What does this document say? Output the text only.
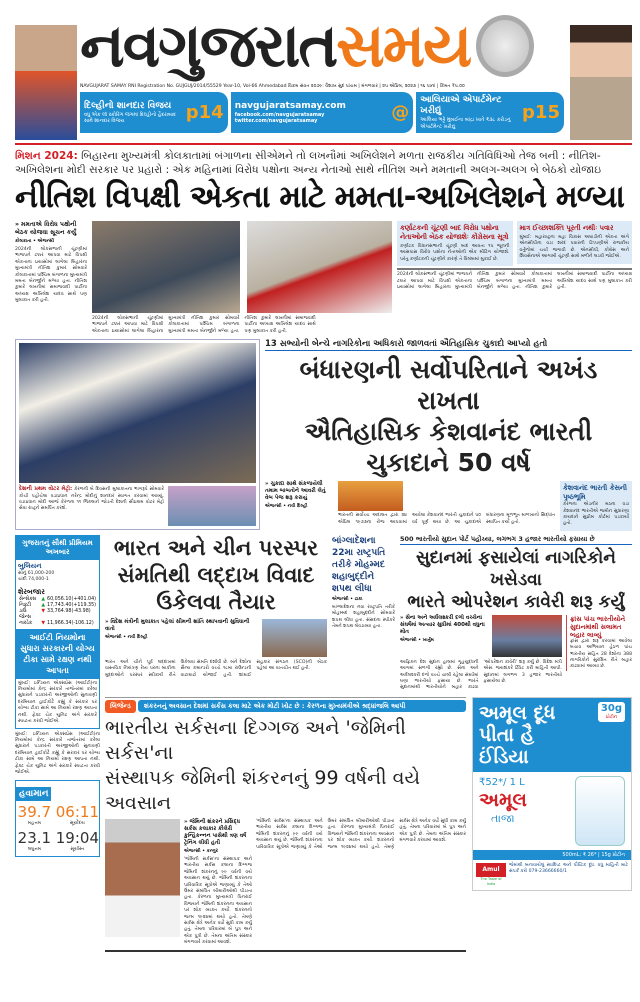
નવગુજરાતસમય
NAVGUJARAT SAMAY RNI Registration No. GUJGUJ/2014/55529 Year-10, Vol-66 Ahmedabad વિક્રમ સંવત ૨૦૭૯: વૈશાખ સુદ પાંચમ | મંગળવાર | ૨૫ એપ્રિલ, ૨૦૨૩ | ૧૬ પાનાં | કિંમત ₹૫.૦૦
દિલ્હીનો શાનદાર વિજય
વધુ એક લૉ સ્કોરિંગ જંગમાં દિલ્હીનો હૈદરાબાદ સામે શાનદાર વિજય	p14 navgujaratsamay.com
facebook.com/navgujaratsamay twitter.com/navgujaratsamay	@
આલિયાએ એપાર્ટમેન્ટ ખરીદ્યું
આલિયા ભટ્ટે મુંબઈના બાંદ્રા ખાતે ₹૩૮ કરોડનું એપાર્ટમેન્ટ ખરીદ્યું
p15
મિશન 2024: બિહારના મુખ્યમંત્રી કોલકાતામાં બંગાળના સીએમને તો લખનૌમાં અખિલેશને મળતા રાજકીય ગતિવિધિઓ તેજ બની : નીતિશ-અખિલેશના મોદી સરકાર પર પ્રહારો : એક મહિનામાં વિરોધ પક્ષોના અન્ય નેતાઓ સાથે નીતિશ અને મમતાની અલગ-અલગ બે બેઠકો યોજાઇ
નીતિશ વિપક્ષી એકતા માટે મમતા-અખિલેશને મળ્યા
» મમતાએ વિરોધ પક્ષોની બેઠક યોજવા સૂચન કર્યું
કોલકાતા • એજન્સી
2024ની લોકસભાની ચૂંટણીમાં ભાજપને ટક્કર આપવા માટે વિપક્ષી એકતાના પ્રયાસોમાં લાગેલા બિહારના મુખ્યમંત્રી નીતિશ કુમાર સોમવારે કોલકાતામાં પશ્ચિમ બંગાળના મુખ્યમંત્રી મમતા બેનર્જીને મળ્યા હતા. નીતિશ કુમારે લખનૌમાં સમાજવાદી પાર્ટીના અધ્યક્ષ અખિલેશ યાદવ સાથે પણ મુલાકાત કરી હતી.
2024ની લોકસભાની ચૂંટણીમાં ભાજપને ટક્કર આપવા માટે વિપક્ષી એકતાના પ્રયાસોમાં લાગેલા બિહારના મુખ્યમંત્રી નીતિશ કુમાર સોમવારે કોલકાતામાં પશ્ચિમ બંગાળના મુખ્યમંત્રી મમતા બેનર્જીને મળ્યા હતા. નીતિશ કુમારે લખનૌમાં સમાજવાદી પાર્ટીના અધ્યક્ષ અખિલેશ યાદવ સાથે પણ મુલાકાત કરી હતી.
કર્ણાટકની ચૂંટણી બાદ વિરોધ પક્ષોના નેતાઓની બેઠક યોજાશેઃ કોંગ્રેસના સૂત્રો
કર્ણાટક વિધાનસભાની ચૂંટણી બાદ આવતા ૧૫ જૂનની આસપાસ વિરોધ પક્ષોના નેતાઓની એક મીટિંગ યોજાશે. પરંતુ કર્ણાટકની ચૂંટણીને કારણે તે વિલંબમાં મુકાઈ છે.
માત્ર ઈચ્છાશક્તિ પૂરતી નથીઃ પવાર
મુંબઈ: મહારાષ્ટ્રના મહા વિકાસ અઘાડીની એકતા અંગે એનસીપીના વડા શરદ પવારની ટિપ્પણીએ રાજકીય વર્તુળોમાં ચર્ચા જગાવી છે. એનસીપી, કોંગ્રેસ અને શિવસેનાએ આગામી ચૂંટણી સાથે મળીને લડવી જોઈએ.
2024ની લોકસભાની ચૂંટણીમાં ભાજપને ટક્કર આપવા માટે વિપક્ષી એકતાના પ્રયાસોમાં લાગેલા બિહારના મુખ્યમંત્રી નીતિશ કુમાર સોમવારે કોલકાતામાં પશ્ચિમ બંગાળના મુખ્યમંત્રી મમતા બેનર્જીને મળ્યા હતા. નીતિશ કુમારે લખનૌમાં સમાજવાદી પાર્ટીના અધ્યક્ષ અખિલેશ યાદવ સાથે પણ મુલાકાત કરી હતી.
દેશની પ્રથમ વોટર મેટ્રો: કેરળની બે દિવસની મુલાકાતના ભાગરૂપે સોમવારે કોચી પહોંચેલા વડાપ્રધાન નરેન્દ્ર મોદીનું શાનદાર સ્વાગત કરવામાં આવ્યું. વડાપ્રધાન મોદી આજે કેરળના ૧૧ જિલ્લાને જોડતી દેશની સૌપ્રથમ વોટર મેટ્રો સેવા રાષ્ટ્રને સમર્પિત કરશે.
13 સભ્યોની બેન્ચે નાગરિકોના અધિકારો જાળવતાં ઐતિહાસિક ચુકાદો આપ્યો હતો
બંધારણની સર્વોપરિતાને અખંડ રાખતા
ઐતિહાસિક કેશવાનંદ ભારતી ચુકાદાને 50 વર્ષ
» ચુકાદા સાથે સંકળાયેલી તમામ બાબતોને આવરી લેતું વેબ પેજ શરૂ કરાયું
એજન્સી • નવી દિલ્હી
ભારતની સર્વોચ્ચ અદાલત દ્વારા ૨૪ એપ્રિલ ૧૯૭૩ના રોજ આપવામાં આવેલા કેશવાનંદ ભારતી ચુકાદાને ૫૦ વર્ષ પૂર્ણ થયા છે. આ ચુકાદાએ બંધારણના મૂળભૂત માળખાનો સિદ્ધાંત સ્થાપિત કર્યો હતો.
કેશવાનંદ ભારતી કેસની પૃષ્ઠભૂમિ
કેરળના એડનીર મઠના વડા કેશવાનંદ ભારતીએ જમીન સુધારણા કાયદાને સુપ્રીમ કોર્ટમાં પડકાર્યો હતો.
ગુજરાતનું સૌથી પ્રીમિયમ અખબાર
બુલિયન
સોનું 61,000-200
ચાંદી 74,000-1
શેરબજાર
સેન્સેક્સ	▲	60,056.10(+401.04)
નિફ્ટી	▲	17,743.40(+119.35)
ડાઉ જોન્સ	▼	33,764.98(-43.98)
નાસ્ડેક	▼	11,966.34(-106.12)
આઈટી નિયમોના સુધારા સરકારની યોગ્ય ટીકા સામે રક્ષણ નથી આપતા
મુંબઈ: ઇન્ડિયન એક્સપ્રેસ (આઈટી)ના નિયમોમાં કેન્દ્ર સરકારે તાજેતરમાં કરેલા સુધારાને પડકારતી અરજીઓની સુનાવણી દરમિયાન હાઈકોર્ટે કહ્યું કે સરકાર પર યોગ્ય ટીકા સામે આ નિયમો રક્ષણ આપતા નથી. ફેક્ટ ચેક યુનિટ અંગે સરકારે સ્પષ્ટતા કરવી જોઈએ.
મુંબઈ: ઇન્ડિયન એક્સપ્રેસ (આઈટી)ના નિયમોમાં કેન્દ્ર સરકારે તાજેતરમાં કરેલા સુધારાને પડકારતી અરજીઓની સુનાવણી દરમિયાન હાઈકોર્ટે કહ્યું કે સરકાર પર યોગ્ય ટીકા સામે આ નિયમો રક્ષણ આપતા નથી. ફેક્ટ ચેક યુનિટ અંગે સરકારે સ્પષ્ટતા કરવી જોઈએ.
હવામાન
39.7
મહત્તમ
06:11
સૂર્યોદય
23.1
લઘુત્તમ
19:04
સૂર્યાસ્ત
ભારત અને ચીન પરસ્પર સંમતિથી લદ્દાખ વિવાદ ઉકેલવા તૈયાર
» વિદેશ મંત્રીની મુલાકાત પહેલાં સીમની શાંતિ સ્થાપવાની સુવિધાની વાતો
એજન્સી • નવી દિલ્હી
ભારત અને ચીને પૂર્વ લદ્દાખમાં વાસ્તવિક નિયંત્રણ રેખા પરના બાકીના મુદ્દાઓને પરસ્પર સ્વીકાર્ય રીતે ઉકેલવા સંમતિ દર્શાવી છે. બંને દેશોના સૈન્ય કમાન્ડરો વચ્ચે ૧૮મા રાઉન્ડની વાટાઘાટો યોજાઈ હતી. શાંઘાઈ સહકાર સંગઠન (SCO)ની બેઠક પહેલાં આ વાતચીત થઈ હતી.
બાંગ્લાદેશના 22મા રાષ્ટ્રપતિ તરીકે મોહમ્મદ શહાબુદ્દીને શપથ લીધા
એજન્સી • ઢાકા
બાંગ્લાદેશના નવા રાષ્ટ્રપતિ તરીકે મોહમ્મદ શહાબુદ્દીને સોમવારે શપથ લીધા હતા. સંસદના સ્પીકરે તેમને શપથ લેવડાવ્યા હતા.
500 ભારતીયો સુદાન પોર્ટ પહોંચ્યા, લગભગ 3 હજાર ભારતીયો ફસાયા છે
સુદાનમાં ફસાયેલાં નાગરિકોને ખસેડવા
ભારતે ઓપરેશન કાવેરી શરૂ કર્યું
» સેના અને અર્ધલશ્કરી દળો વચ્ચેના સંઘર્ષમાં અત્યાર સુધીમાં 400થી વધુના મોત
એજન્સી • ખાર્તુમ
આફ્રિકન દેશ સુદાન હાલમાં ગૃહયુદ્ધની આગમાં સળગી રહ્યો છે. સેના અને અર્ધલશ્કરી દળો વચ્ચે ચાલી રહેલા સંઘર્ષમાં ઘણા ભારતીયો ફસાયા છે. ભારતે સુદાનમાંથી ભારતીયોને બહાર કાઢવા 'ઓપરેશન કાવેરી' શરૂ કર્યું છે. વિદેશ મંત્રી એસ. જયશંકરે ટ્વિટ કરી માહિતી આપી. સુદાનમાં લગભગ 3 હજાર ભારતીયો ફસાયેલા છે.
ફ્રાંસ પાંચ ભારતીયોને સુદાનમાંથી સલામત બહાર લાવ્યું
ફ્રાંસ દ્વારા શરૂ કરવામાં આવેલા બચાવ અભિયાન હેઠળ પાંચ ભારતીય સહિત 28 દેશોના 388 નાગરિકોને સુરક્ષિત રીતે બહાર કાઢવામાં આવ્યા છે.
લિજેન્ડ	શંકરનનું અવસાન દેશમાં સર્કસ કલા માટે એક મોટી ખોટ છે : કેરળના મુખ્યમંત્રીએ શ્રદ્ધાંજલિ આપી
ભારતીય સર્કસના દિગ્ગજ અને 'જેમિની સર્કસ'ના
સંસ્થાપક જેમિની શંકરનનું 99 વર્ષની વયે અવસાન
» જેમિની શંકરને પ્રસિદ્ધ સર્કસ કલાકાર કીલેરી કુન્હિકન્નન પાસેથી ત્રણ વર્ષ ટ્રેનિંગ લીધી હતી
એજન્સી • કન્નુર
'જેમિની સર્કસ'ના સંસ્થાપક અને ભારતીય સર્કસ કલાના દિગ્ગજ જેમિની શંકરનનું ૯૯ વર્ષની વયે અવસાન થયું છે. જેમિની શંકરનના પારિવારિક સૂત્રોએ જણાવ્યું કે તેઓ ઉંમર સંબંધિત બીમારીઓથી પીડાતા હતા. કેરળના મુખ્યમંત્રી પિનરાઈ વિજયને જેમિની શંકરનના અવસાન પર શોક વ્યક્ત કર્યો. શંકરનનો જન્મ ૧૯૨૪માં થયો હતો. તેમણે સર્કસ ક્ષેત્રે અનેક વર્ષો સુધી કામ કર્યું હતું. તેમના પરિવારમાં બે પુત્ર અને એક પુત્રી છે. તેમના અંતિમ સંસ્કાર મંગળવારે કરવામાં આવશે.
'જેમિની સર્કસ'ના સંસ્થાપક અને ભારતીય સર્કસ કલાના દિગ્ગજ જેમિની શંકરનનું ૯૯ વર્ષની વયે અવસાન થયું છે. જેમિની શંકરનના પારિવારિક સૂત્રોએ જણાવ્યું કે તેઓ ઉંમર સંબંધિત બીમારીઓથી પીડાતા હતા. કેરળના મુખ્યમંત્રી પિનરાઈ વિજયને જેમિની શંકરનના અવસાન પર શોક વ્યક્ત કર્યો. શંકરનનો જન્મ ૧૯૨૪માં થયો હતો. તેમણે સર્કસ ક્ષેત્રે અનેક વર્ષો સુધી કામ કર્યું હતું. તેમના પરિવારમાં બે પુત્ર અને એક પુત્રી છે. તેમના અંતિમ સંસ્કાર મંગળવારે કરવામાં આવશે.
અમૂલ દૂધ
પીતા હૈ
ઈંડિયા
30g
પ્રોટીન
₹52*/ 1 L
અમૂલ
તાજા
500mL: ₹ 26* | 15g પ્રોટીન
Amul
The Taste of India
જેમાંથી બનાવાયેલું સ્વાદિષ્ટ અને પૌષ્ટિક દૂધ. વધુ માહિતી માટે સંપર્ક કરો 079-23666660/1
